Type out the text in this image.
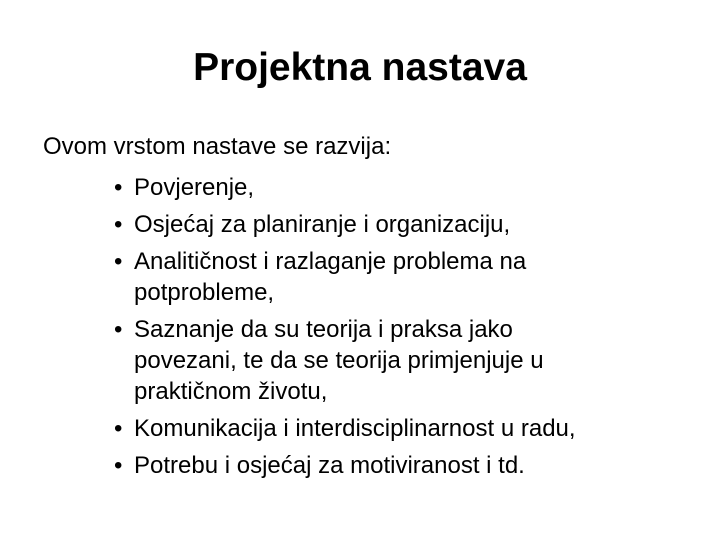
Projektna nastava

Ovom vrstom nastave se razvija:

• Povjerenje,
• Osjećaj za planiranje i organizaciju,
• Analitičnost i razlaganje problema na
potprobleme,
• Saznanje da su teorija i praksa jako
povezani, te da se teorija primjenjuje u
praktičnom životu,
• Komunikacija i interdisciplinarnost u radu,
• Potrebu i osjećaj za motiviranost i td.
